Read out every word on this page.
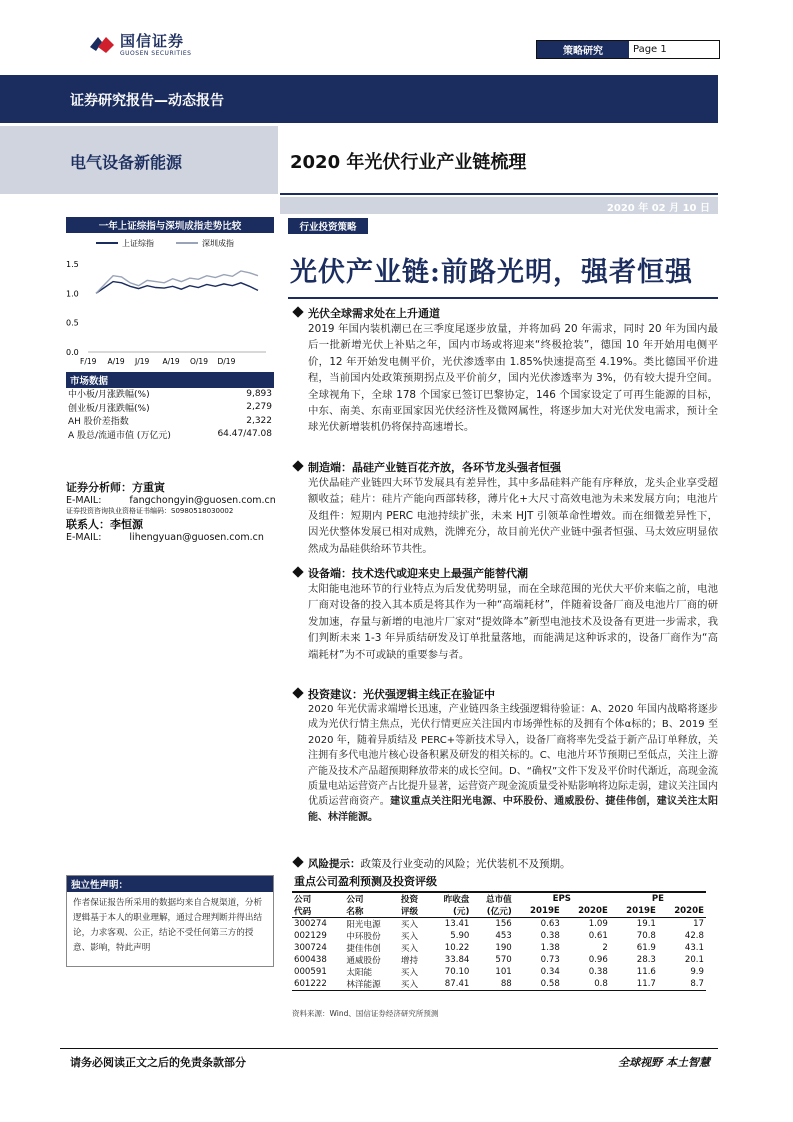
国信证券
GUOSEN SECURITIES	策略研究	Page 1
证券研究报告—动态报告
电气设备新能源	2020 年光伏行业产业链梳理
2020 年 02 月 10 日
一年上证综指与深圳成指走势比较
上证综指	深圳成指
1.5
1.0
0.5
0.0
F/19 A/19 J/19 A/19 O/19 D/19
市场数据
中小板/月涨跌幅(%)	9,893
创业板/月涨跌幅(%)	2,279
AH 股价差指数	2,322
A 股总/流通市值 (万亿元)	64.47/47.08
证券分析师：方重寅
E-MAIL:	fangchongyin@guosen.com.cn
证券投资咨询执业资格证书编码：S0980518030002
联系人：李恒源
E-MAIL:	lihengyuan@guosen.com.cn
独立性声明：
作者保证报告所采用的数据均来自合规渠道，分析逻辑基于本人的职业理解，通过合理判断并得出结论，力求客观、公正，结论不受任何第三方的授意、影响，特此声明
行业投资策略
光伏产业链:前路光明，强者恒强
光伏全球需求处在上升通道
2019 年国内装机潮已在三季度尾逐步放量，并将加码 20 年需求，同时 20 年为国内最后一批新增光伏上补贴之年，国内市场或将迎来“终极抢装”，德国 10 年开始用电侧平价，12 年开始发电侧平价，光伏渗透率由 1.85%快速提高至 4.19%。类比德国平价进程，当前国内处政策预期拐点及平价前夕，国内光伏渗透率为 3%，仍有较大提升空间。全球视角下，全球 178 个国家已签订巴黎协定，146 个国家设定了可再生能源的目标，中东、南美、东南亚国家因光伏经济性及微网属性，将逐步加大对光伏发电需求，预计全球光伏新增装机仍将保持高速增长。
制造端：晶硅产业链百花齐放，各环节龙头强者恒强
光伏晶硅产业链四大环节发展具有差异性，其中多晶硅料产能有序释放，龙头企业享受超额收益；硅片：硅片产能向西部转移，薄片化+大尺寸高效电池为未来发展方向；电池片及组件：短期内 PERC 电池持续扩张，未来 HJT 引领革命性增效。而在细微差异性下，因光伏整体发展已相对成熟，洗牌充分，故目前光伏产业链中强者恒强、马太效应明显依然成为晶硅供给环节共性。
设备端：技术迭代或迎来史上最强产能替代潮
太阳能电池环节的行业特点为后发优势明显，而在全球范围的光伏大平价来临之前，电池厂商对设备的投入其本质是将其作为一种“高端耗材”，伴随着设备厂商及电池片厂商的研发加速，存量与新增的电池片厂家对“提效降本”新型电池技术及设备有更进一步需求，我们判断未来 1-3 年异质结研发及订单批量落地，而能满足这种诉求的，设备厂商作为“高端耗材”为不可或缺的重要参与者。
投资建议：光伏强逻辑主线正在验证中
2020 年光伏需求端增长迅速，产业链四条主线强逻辑待验证：A、2020 年国内战略将逐步成为光伏行情主焦点，光伏行情更应关注国内市场弹性标的及拥有个体α标的；B、2019 至 2020 年，随着异质结及 PERC+等新技术导入，设备厂商将率先受益于新产品订单释放，关注拥有多代电池片核心设备积累及研发的相关标的。C、电池片环节预期已至低点，关注上游产能及技术产品超预期释放带来的成长空间。D、“确权”文件下发及平价时代渐近，高现金流质量电站运营资产占比提升显著，运营资产现金流质量受补贴影响将边际走弱，建议关注国内优质运营商资产。建议重点关注阳光电源、中环股份、通威股份、捷佳伟创，建议关注太阳能、林洋能源。
风险提示：政策及行业变动的风险；光伏装机不及预期。
重点公司盈利预测及投资评级
公司	公司	投资	昨收盘	总市值	EPS		PE	
代码	名称	评级	(元)	(亿元)	2019E	2020E	2019E	2020E
300274	阳光电源	买入	13.41	156	0.63	1.09	19.1	17
002129	中环股份	买入	5.90	453	0.38	0.61	70.8	42.8
300724	捷佳伟创	买入	10.22	190	1.38	2	61.9	43.1
600438	通威股份	增持	33.84	570	0.73	0.96	28.3	20.1
000591	太阳能	买入	70.10	101	0.34	0.38	11.6	9.9
601222	林洋能源	买入	87.41	88	0.58	0.8	11.7	8.7
资料来源：Wind、国信证券经济研究所预测
请务必阅读正文之后的免责条款部分	全球视野 本土智慧
